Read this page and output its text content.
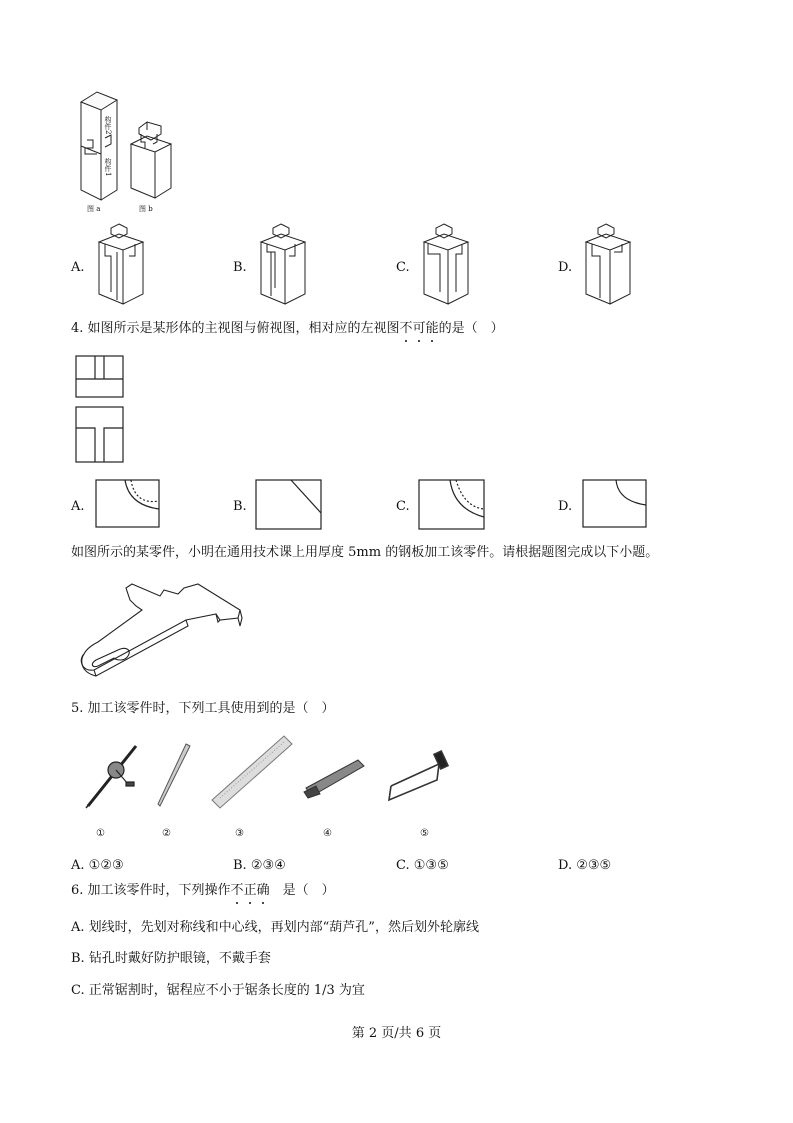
构件2
构件1
图 a	图 b
A.	B.	C.	D.
4. 如图所示是某形体的主视图与俯视图，相对应的左视图不可能的是（　）
A.	B.	C.	D.
如图所示的某零件，小明在通用技术课上用厚度 5mm 的钢板加工该零件。请根据题图完成以下小题。
5. 加工该零件时，下列工具使用到的是（　）
①	②	③	④	⑤
A. ①②③	B. ②③④	C. ①③⑤	D. ②③⑤
6. 加工该零件时，下列操作不正确　是（　）
A. 划线时，先划对称线和中心线，再划内部“葫芦孔”，然后划外轮廓线
B. 钻孔时戴好防护眼镜，不戴手套
C. 正常锯割时，锯程应不小于锯条长度的 1/3 为宜
第 2 页/共 6 页
